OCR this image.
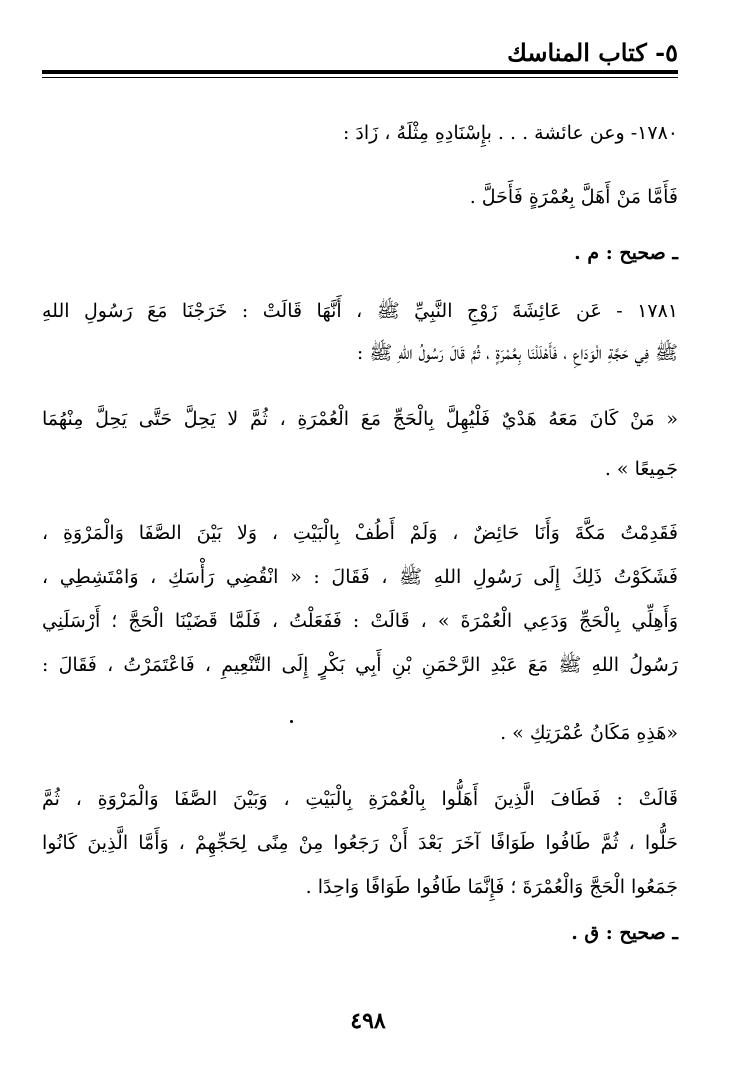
٥- كتاب المناسك
١٧٨٠- وعن عائشة . . . بإِسْنَادِهِ مِثْلَهُ ، زَادَ :
فَأَمَّا مَنْ أَهَلَّ بِعُمْرَةٍ فَأَحَلَّ .
ـ صحيح : م .
١٧٨١ - عَن عَائِشَةَ زَوْجِ النَّبِيِّ ﷺ ، أَنَّهَا قَالَتْ : خَرَجْنَا مَعَ رَسُولِ اللهِ
ﷺ فِي حَجَّةِ الْوَدَاعِ ، فَأَهْلَلْنَا بِعُمْرَةٍ ، ثُمَّ قَالَ رَسُولُ اللهِ ﷺ :
« مَنْ كَانَ مَعَهُ هَدْيٌ فَلْيُهِلَّ بِالْحَجِّ مَعَ الْعُمْرَةِ ، ثُمَّ لا يَحِلَّ حَتَّى يَحِلَّ مِنْهُمَا
جَمِيعًا » .
فَقَدِمْتُ مَكَّةَ وَأَنَا حَائِضٌ ، وَلَمْ أَطُفْ بِالْبَيْتِ ، وَلا بَيْنَ الصَّفَا وَالْمَرْوَةِ ،
فَشَكَوْتُ ذَلِكَ إِلَى رَسُولِ اللهِ ﷺ ، فَقَالَ : « انْقُضِي رَأْسَكِ ، وَامْتَشِطِي ،
وَأَهِلِّي بِالْحَجِّ وَدَعِي الْعُمْرَةَ » ، قَالَتْ : فَفَعَلْتُ ، فَلَمَّا قَضَيْنَا الْحَجَّ ؛ أَرْسَلَنِي
رَسُولُ اللهِ ﷺ مَعَ عَبْدِ الرَّحْمَنِ بْنِ أَبِي بَكْرٍ إِلَى التَّنْعِيمِ ، فَاعْتَمَرْتُ ، فَقَالَ :
«هَذِهِ مَكَانُ عُمْرَتِكِ » .
قَالَتْ : فَطَافَ الَّذِينَ أَهَلُّوا بِالْعُمْرَةِ بِالْبَيْتِ ، وَبَيْنَ الصَّفَا وَالْمَرْوَةِ ، ثُمَّ
حَلُّوا ، ثُمَّ طَافُوا طَوَافًا آخَرَ بَعْدَ أَنْ رَجَعُوا مِنْ مِنًى لِحَجِّهِمْ ، وَأَمَّا الَّذِينَ كَانُوا
جَمَعُوا الْحَجَّ وَالْعُمْرَةَ ؛ فَإِنَّمَا طَافُوا طَوَافًا وَاحِدًا .
ـ صحيح : ق .
٤٩٨
